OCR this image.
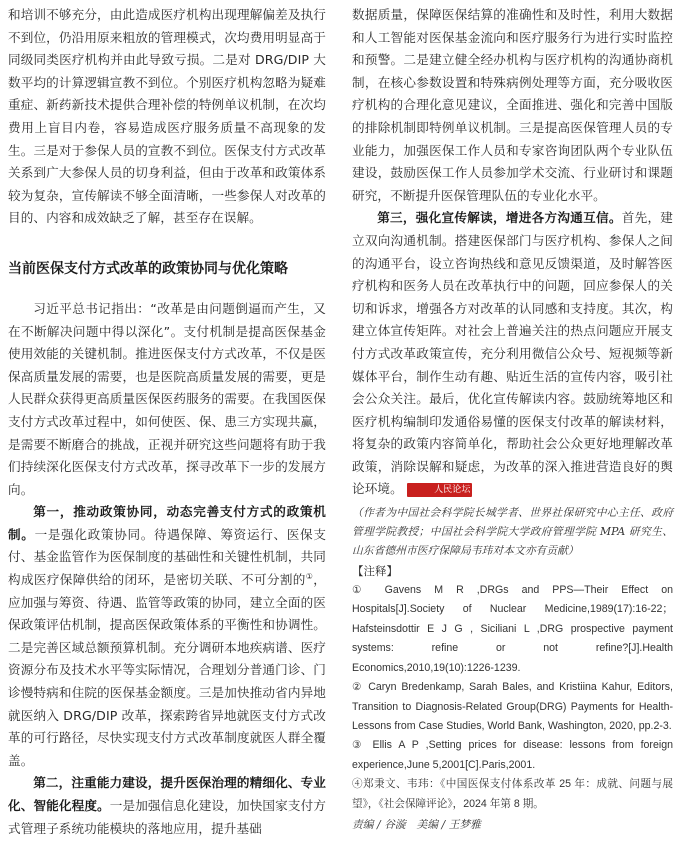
和培训不够充分，由此造成医疗机构出现理解偏差及执行不到位，仍沿用原来粗放的管理模式，次均费用明显高于同级同类医疗机构并由此导致亏损。二是对 DRG/DIP 大数平均的计算逻辑宣教不到位。个别医疗机构忽略为疑难重症、新药新技术提供合理补偿的特例单议机制，在次均费用上盲目内卷，容易造成医疗服务质量不高现象的发生。三是对于参保人员的宣教不到位。医保支付方式改革关系到广大参保人员的切身利益，但由于改革和政策体系较为复杂，宣传解读不够全面清晰，一些参保人对改革的目的、内容和成效缺乏了解，甚至存在误解。

当前医保支付方式改革的政策协同与优化策略

习近平总书记指出：“改革是由问题倒逼而产生，又在不断解决问题中得以深化”。支付机制是提高医保基金使用效能的关键机制。推进医保支付方式改革，不仅是医保高质量发展的需要，也是医院高质量发展的需要，更是人民群众获得更高质量医保医药服务的需要。在我国医保支付方式改革过程中，如何使医、保、患三方实现共赢，是需要不断磨合的挑战，正视并研究这些问题将有助于我们持续深化医保支付方式改革，探寻改革下一步的发展方向。

第一，推动政策协同，动态完善支付方式的政策机制。一是强化政策协同。待遇保障、筹资运行、医保支付、基金监管作为医保制度的基础性和关键性机制，共同构成医疗保障供给的闭环，是密切关联、不可分割的①，应加强与筹资、待遇、监管等政策的协同，建立全面的医保政策评估机制，提高医保政策体系的平衡性和协调性。二是完善区域总额预算机制。充分调研本地疾病谱、医疗资源分布及技术水平等实际情况，合理划分普通门诊、门诊慢特病和住院的医保基金额度。三是加快推动省内异地就医纳入 DRG/DIP 改革，探索跨省异地就医支付方式改革的可行路径，尽快实现支付方式改革制度就医人群全覆盖。

第二，注重能力建设，提升医保治理的精细化、专业化、智能化程度。一是加强信息化建设，加快国家支付方式管理子系统功能模块的落地应用，提升基础

数据质量，保障医保结算的准确性和及时性，利用大数据和人工智能对医保基金流向和医疗服务行为进行实时监控和预警。二是建立健全经办机构与医疗机构的沟通协商机制，在核心参数设置和特殊病例处理等方面，充分吸收医疗机构的合理化意见建议，全面推进、强化和完善中国版的排除机制即特例单议机制。三是提高医保管理人员的专业能力，加强医保工作人员和专家咨询团队两个专业队伍建设，鼓励医保工作人员参加学术交流、行业研讨和课题研究，不断提升医保管理队伍的专业化水平。

第三，强化宣传解读，增进各方沟通互信。首先，建立双向沟通机制。搭建医保部门与医疗机构、参保人之间的沟通平台，设立咨询热线和意见反馈渠道，及时解答医疗机构和医务人员在改革执行中的问题，回应参保人的关切和诉求，增强各方对改革的认同感和支持度。其次，构建立体宣传矩阵。对社会上普遍关注的热点问题应开展支付方式改革政策宣传，充分利用微信公众号、短视频等新媒体平台，制作生动有趣、贴近生活的宣传内容，吸引社会公众关注。最后，优化宣传解读内容。鼓励统筹地区和医疗机构编制印发通俗易懂的医保支付改革的解读材料，将复杂的政策内容简单化，帮助社会公众更好地理解改革政策，消除误解和疑虑，为改革的深入推进营造良好的舆论环境。	人民论坛

（作者为中国社会科学院长城学者、世界社保研究中心主任、政府管理学院教授；中国社会科学院大学政府管理学院 MPA 研究生、山东省德州市医疗保障局韦玮对本文亦有贡献）

【注释】

① Gavens M R ,DRGs and PPS—Their Effect on Hospitals[J].Society of Nuclear Medicine,1989(17):16-22；Hafsteinsdottir E J G , Siciliani L ,DRG prospective payment systems: refine or not refine?[J].Health Economics,2010,19(10):1226-1239.

② Caryn Bredenkamp, Sarah Bales, and Kristiina Kahur, Editors, Transition to Diagnosis-Related Group(DRG) Payments for Health-Lessons from Case Studies, World Bank, Washington, 2020, pp.2-3.

③ Ellis A P ,Setting prices for disease: lessons from foreign experience,June 5,2001[C].Paris,2001.

④郑秉文、韦玮：《中国医保支付体系改革 25 年：成就、问题与展望》，《社会保障评论》，2024 年第 8 期。

责编 / 谷漩　美编 / 王梦雅
